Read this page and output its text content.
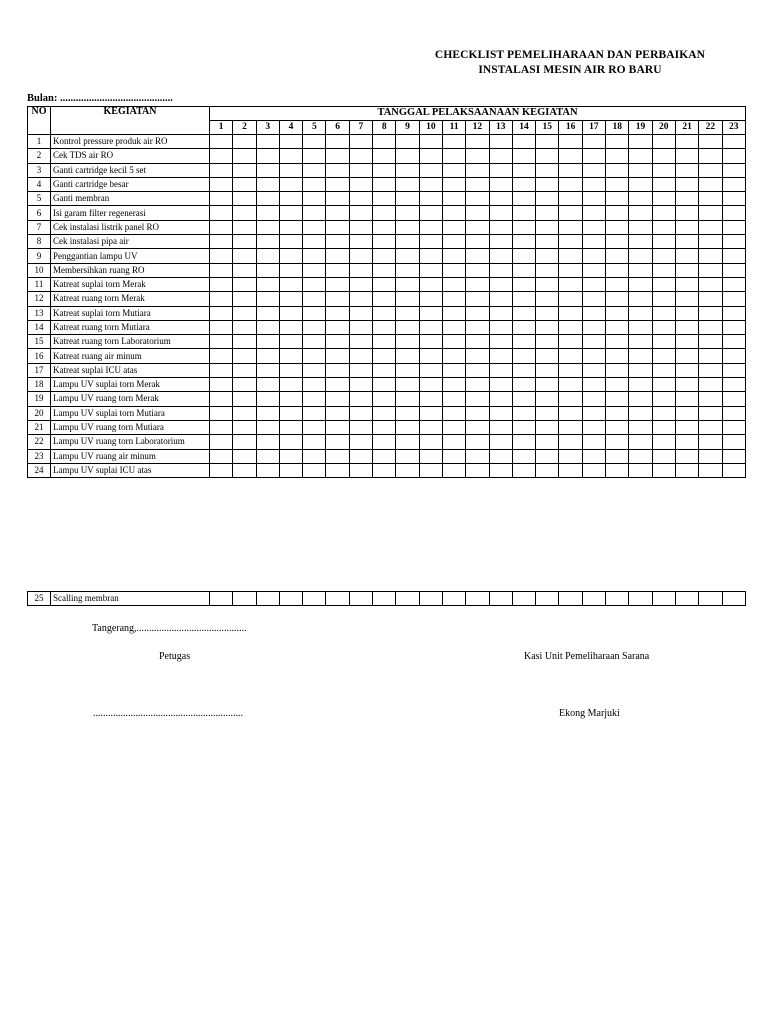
CHECKLIST PEMELIHARAAN DAN PERBAIKAN
INSTALASI MESIN AIR RO BARU
Bulan: ...........................................
NO	KEGIATAN	TANGGAL PELAKSAANAAN KEGIATAN																						
		1	2	3	4	5	6	7	8	9	10	11	12	13	14	15	16	17	18	19	20	21	22	23
1	Kontrol pressure produk air RO																							
2	Cek TDS air RO																							
3	Ganti cartridge kecil 5 set																							
4	Ganti cartridge besar																							
5	Ganti membran																							
6	Isi garam filter regenerasi																							
7	Cek instalasi listrik panel RO																							
8	Cek instalasi pipa air																							
9	Penggantian lampu UV																							
10	Membersihkan ruang RO																							
11	Katreat suplai torn Merak																							
12	Katreat ruang torn Merak																							
13	Katreat suplai torn Mutiara																							
14	Katreat ruang torn Mutiara																							
15	Katreat ruang torn Laboratorium																							
16	Katreat ruang air minum																							
17	Katreat suplai ICU atas																							
18	Lampu UV suplai torn Merak																							
19	Lampu UV ruang torn Merak																							
20	Lampu UV suplai torn Mutiara																							
21	Lampu UV ruang torn Mutiara																							
22	Lampu UV ruang torn Laboratorium																							
23	Lampu UV ruang air minum																							
24	Lampu UV suplai ICU atas																							
25	Scalling membran																							
Tangerang,............................................
Petugas	Kasi Unit Pemeliharaan Sarana
............................................................	Ekong Marjuki
